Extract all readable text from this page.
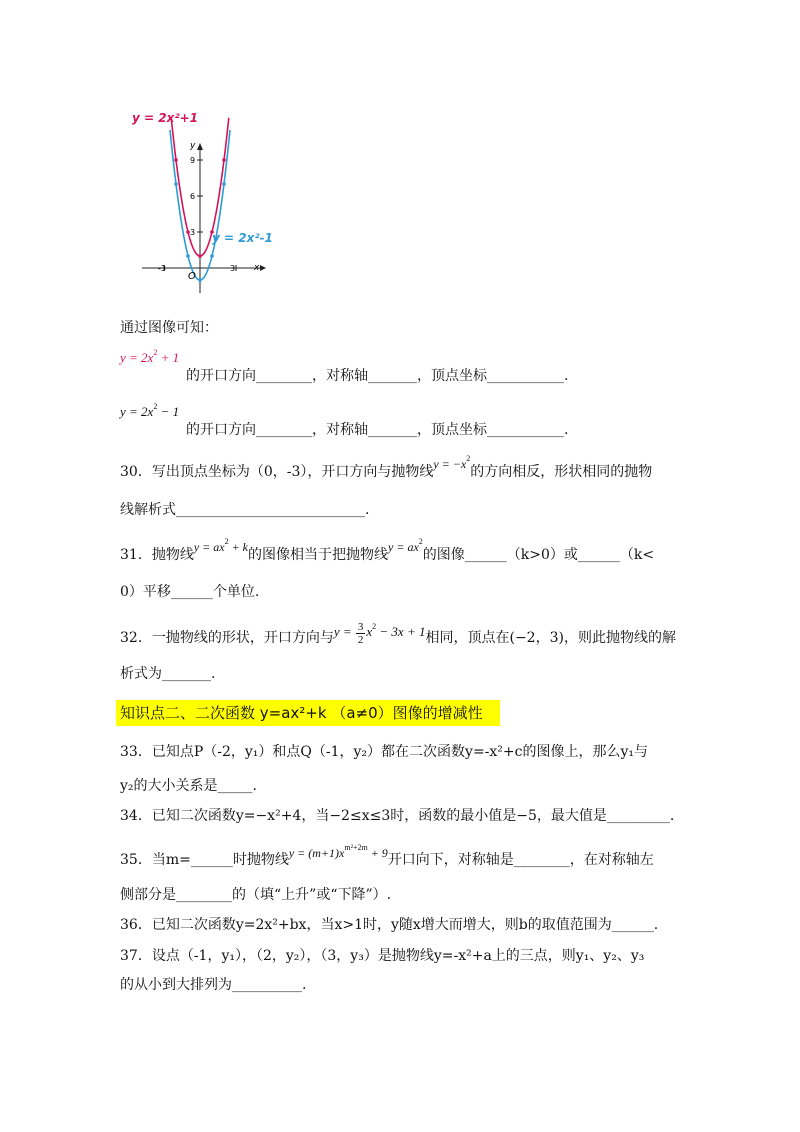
y = 2x²+1
y = 2x²-1
y
x
O
9
6
3
-3	3
通过图像可知：
$y = 2x^2 + 1$
的开口方向________，对称轴_______，顶点坐标___________.
$y = 2x^2 - 1$
的开口方向________，对称轴_______，顶点坐标___________.
30．写出顶点坐标为（0，-3），开口方向与抛物线$y = -x^2$的方向相反，形状相同的抛物
线解析式___________________________.
31．抛物线$y = ax^2 + k$的图像相当于把抛物线$y = ax^2$的图像______（k>0）或______（k<
0）平移______个单位.
32．一抛物线的形状，开口方向与$y = \frac{3}{2} x^2 - 3x + 1$相同，顶点在(−2，3)，则此抛物线的解
析式为_______.
知识点二、二次函数 y=ax²+k （a≠0）图像的增减性
33．已知点P（-2，y₁）和点Q（-1，y₂）都在二次函数y=-x²+c的图像上，那么y₁与
y₂的大小关系是_____.
34．已知二次函数y=−x²+4，当−2≤x≤3时，函数的最小值是−5，最大值是_________.
35．当m=______时抛物线$y = (m+1)x^{m^2+2m} + 9$开口向下，对称轴是________，在对称轴左
侧部分是________的（填“上升”或“下降”）.
36．已知二次函数y=2x²+bx，当x>1时，y随x增大而增大，则b的取值范围为______.
37．设点（-1，y₁），（2，y₂），（3，y₃）是抛物线y=-x²+a上的三点，则y₁、y₂、y₃
的从小到大排列为__________.
